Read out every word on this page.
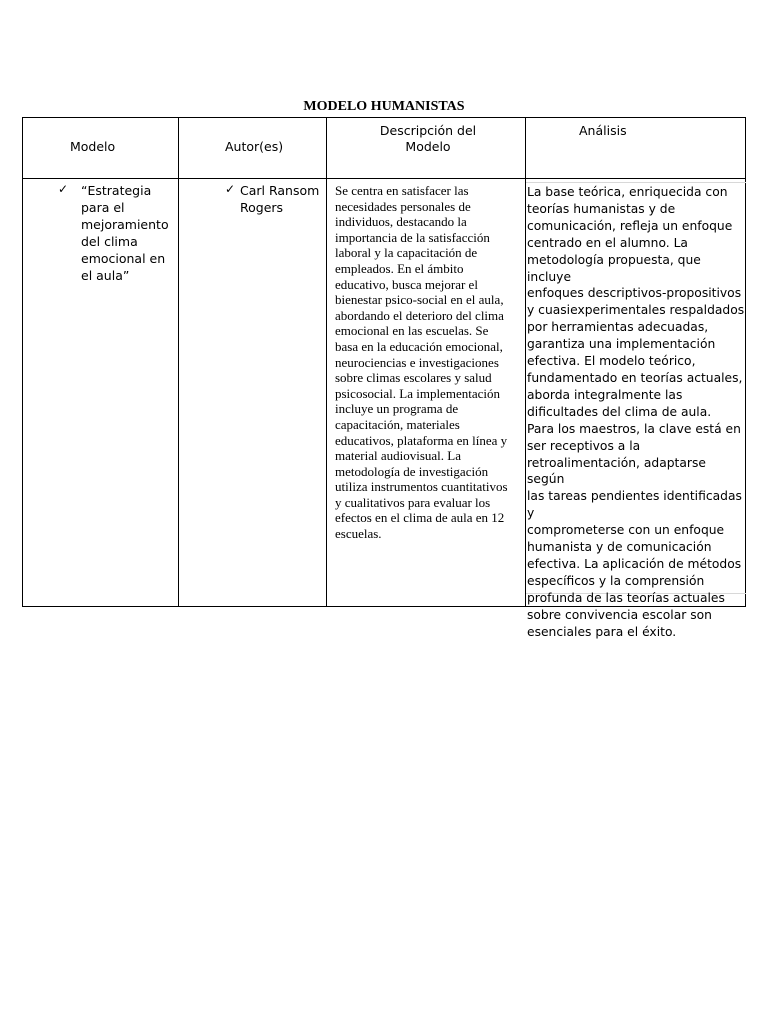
MODELO HUMANISTAS
Modelo	Autor(es)
Descripción del
Modelo
Análisis
✓ “Estrategia
para el
mejoramiento
del clima
emocional en
el aula”
✓ Carl Ransom
Rogers
Se centra en satisfacer las
necesidades personales de
individuos, destacando la
importancia de la satisfacción
laboral y la capacitación de
empleados. En el ámbito
educativo, busca mejorar el
bienestar psico-social en el aula,
abordando el deterioro del clima
emocional en las escuelas. Se
basa en la educación emocional,
neurociencias e investigaciones
sobre climas escolares y salud
psicosocial. La implementación
incluye un programa de
capacitación, materiales
educativos, plataforma en línea y
material audiovisual. La
metodología de investigación
utiliza instrumentos cuantitativos
y cualitativos para evaluar los
efectos en el clima de aula en 12
escuelas.
La base teórica, enriquecida con
teorías humanistas y de
comunicación, refleja un enfoque
centrado en el alumno. La
metodología propuesta, que incluye
enfoques descriptivos-propositivos
y cuasiexperimentales respaldados
por herramientas adecuadas,
garantiza una implementación
efectiva. El modelo teórico,
fundamentado en teorías actuales,
aborda integralmente las
dificultades del clima de aula.
Para los maestros, la clave está en
ser receptivos a la
retroalimentación, adaptarse según
las tareas pendientes identificadas y
comprometerse con un enfoque
humanista y de comunicación
efectiva. La aplicación de métodos
específicos y la comprensión
profunda de las teorías actuales
sobre convivencia escolar son
esenciales para el éxito.
